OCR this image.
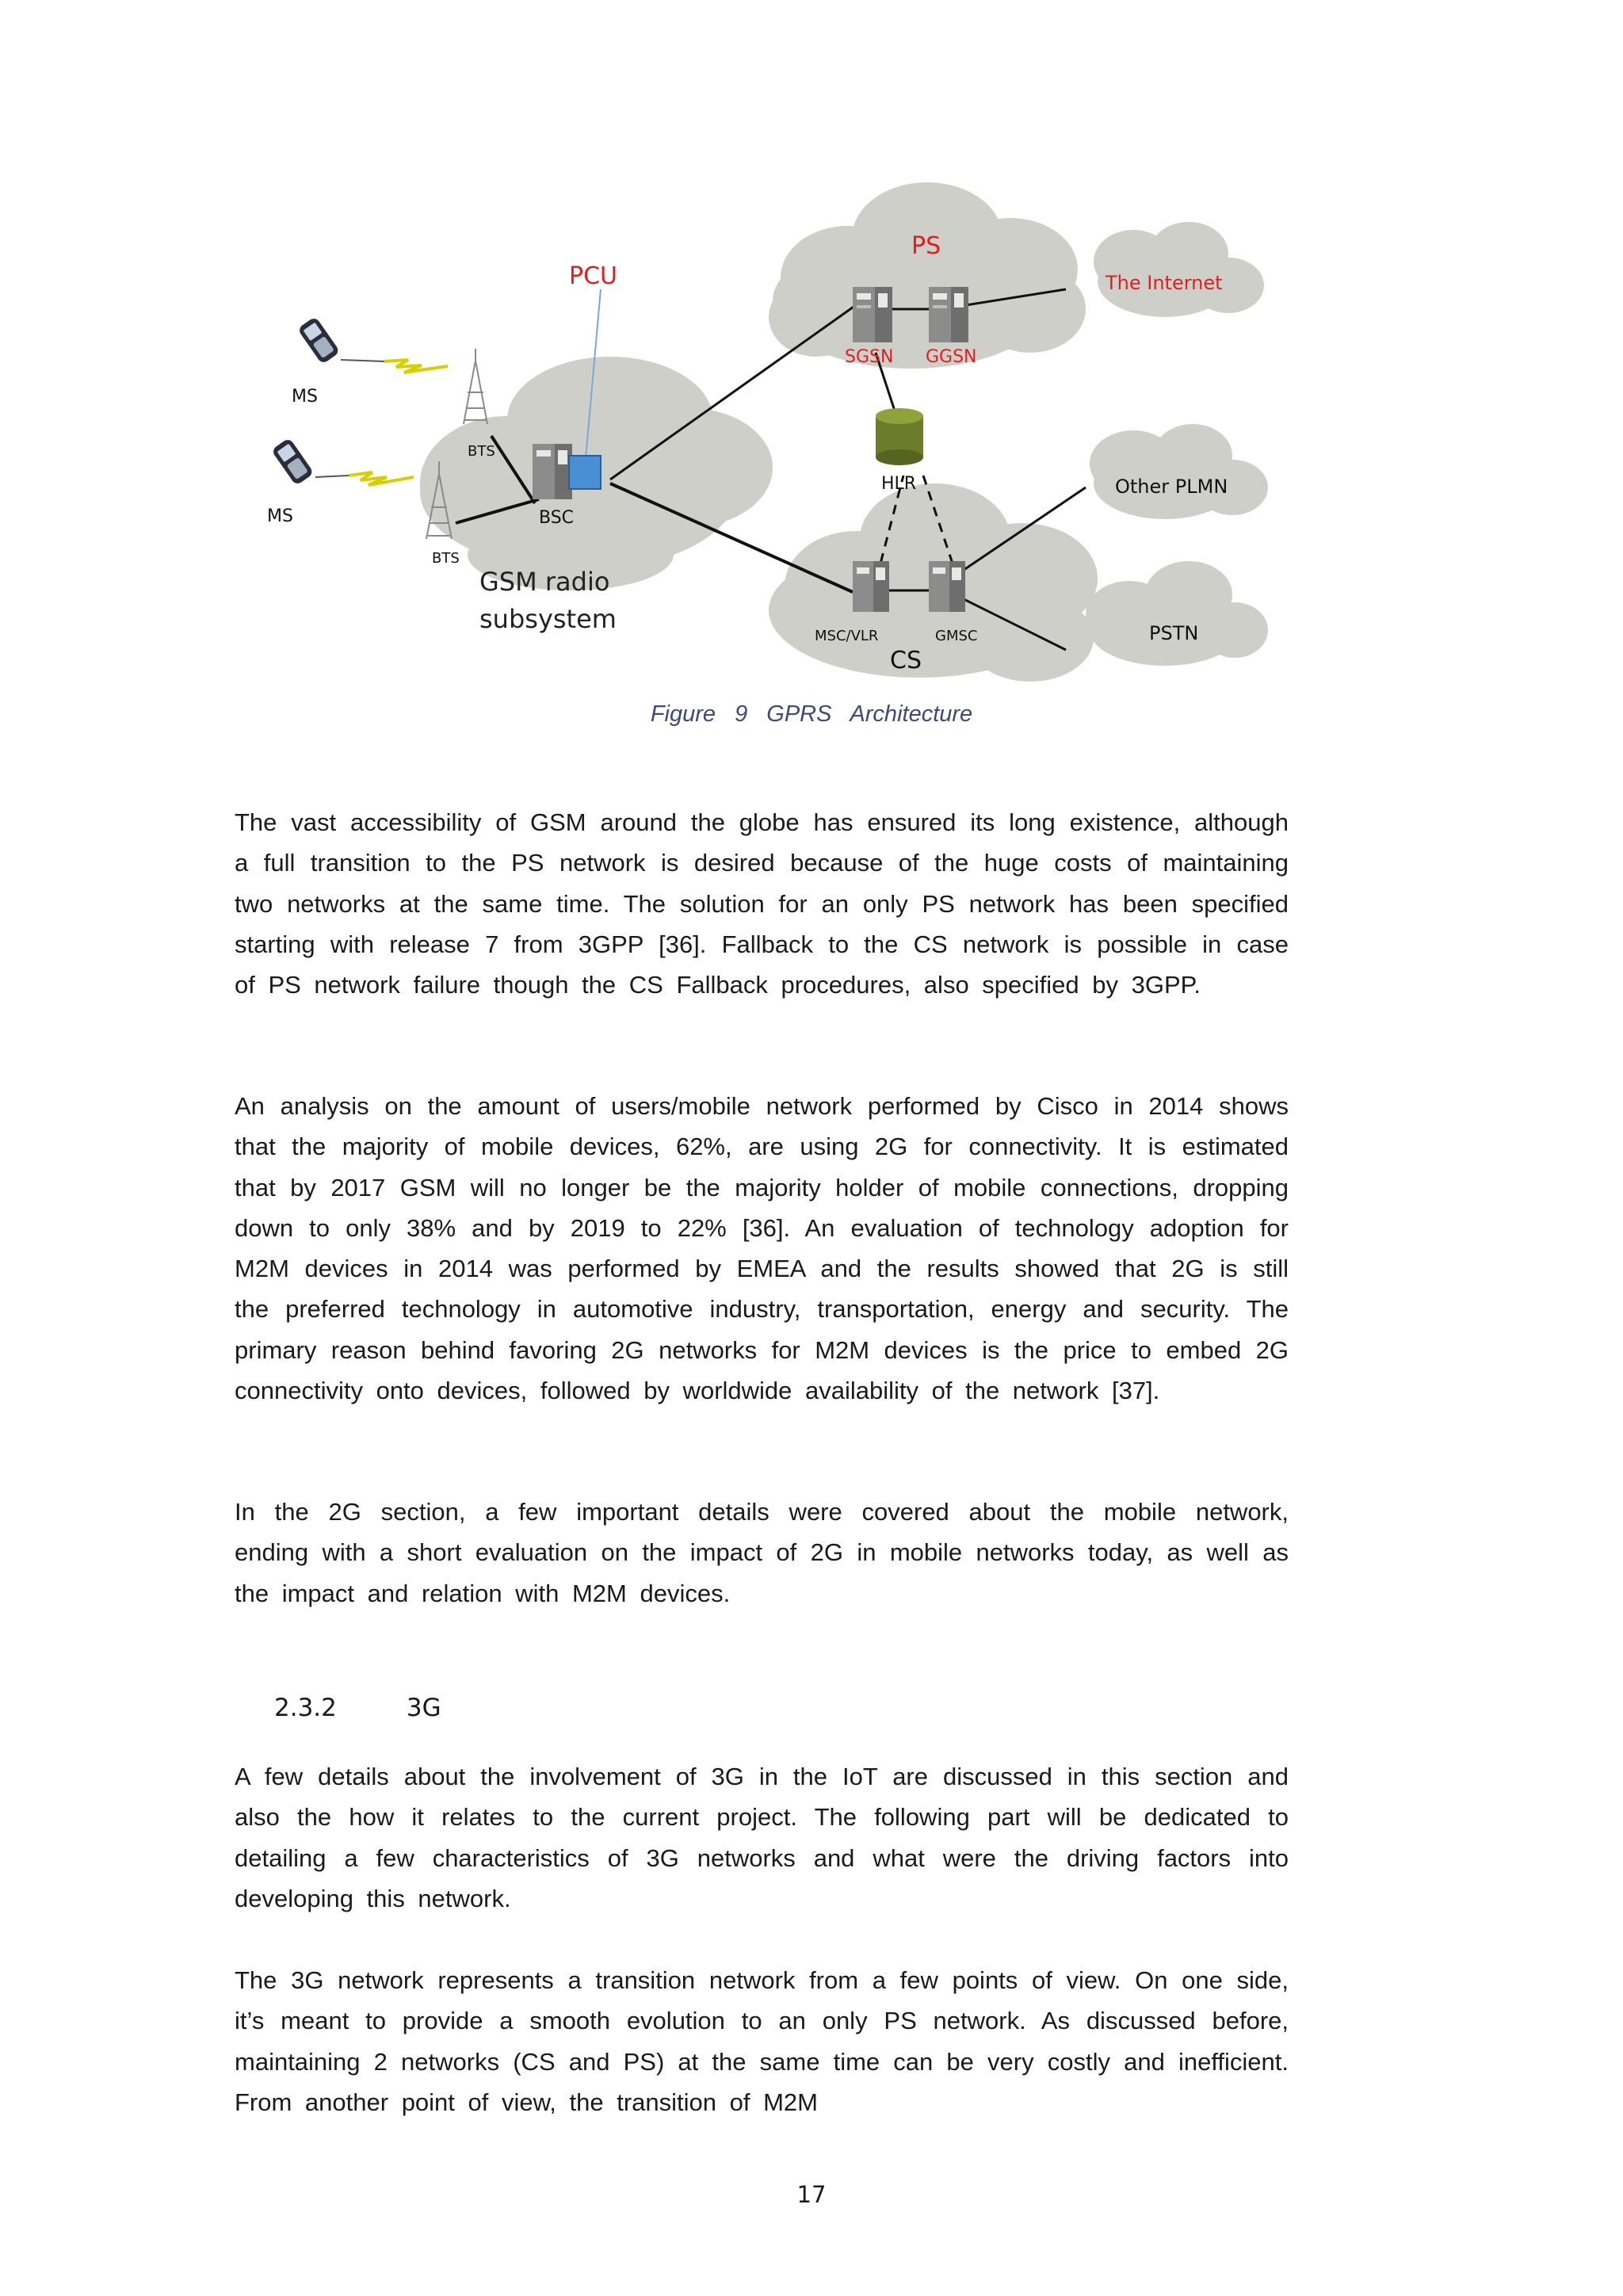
PCU
PS
The Internet
SGSN GGSN
MS
MS
BTS
BTS
BSC
HLR	Other PLMN
GSM radio
subsystem
MSC/VLR	GMSC	PSTN
CS
Figure 9 GPRS Architecture

The vast accessibility of GSM around the globe has ensured its long existence, although a full transition to the PS network is desired because of the huge costs of maintaining two networks at the same time. The solution for an only PS network has been specified starting with release 7 from 3GPP [36]. Fallback to the CS network is possible in case of PS network failure though the CS Fallback procedures, also specified by 3GPP.

An analysis on the amount of users/mobile network performed by Cisco in 2014 shows that the majority of mobile devices, 62%, are using 2G for connectivity. It is estimated that by 2017 GSM will no longer be the majority holder of mobile connections, dropping down to only 38% and by 2019 to 22% [36]. An evaluation of technology adoption for M2M devices in 2014 was performed by EMEA and the results showed that 2G is still the preferred technology in automotive industry, transportation, energy and security. The primary reason behind favoring 2G networks for M2M devices is the price to embed 2G connectivity onto devices, followed by worldwide availability of the network [37].

In the 2G section, a few important details were covered about the mobile network, ending with a short evaluation on the impact of 2G in mobile networks today, as well as the impact and relation with M2M devices.

2.3.2	3G

A few details about the involvement of 3G in the IoT are discussed in this section and also the how it relates to the current project. The following part will be dedicated to detailing a few characteristics of 3G networks and what were the driving factors into developing this network.

The 3G network represents a transition network from a few points of view. On one side, it’s meant to provide a smooth evolution to an only PS network. As discussed before, maintaining 2 networks (CS and PS) at the same time can be very costly and inefficient. From another point of view, the transition of M2M

17
